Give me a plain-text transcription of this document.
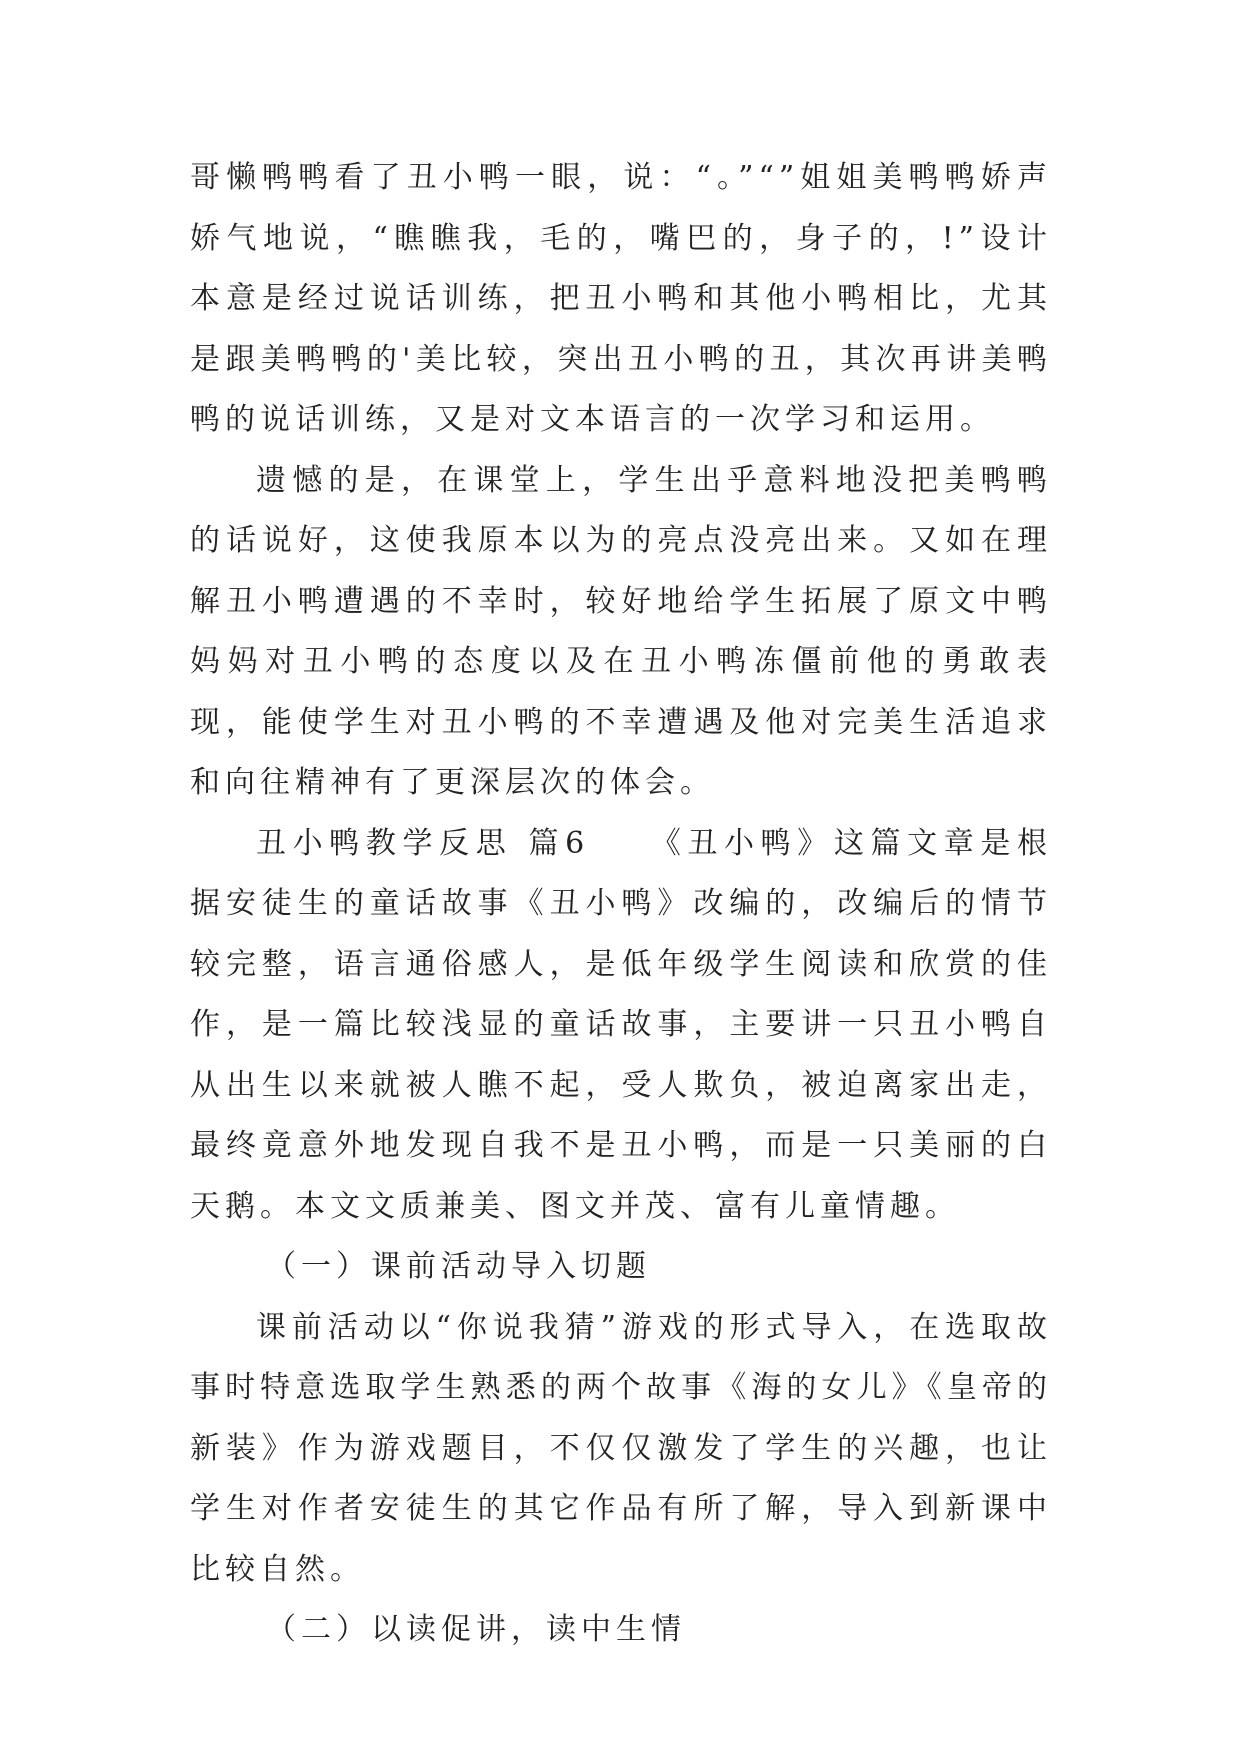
哥懒鸭鸭看了丑小鸭一眼，说：“。”“”姐姐美鸭鸭娇声娇气地说，“瞧瞧我，毛的，嘴巴的，身子的，!”设计本意是经过说话训练，把丑小鸭和其他小鸭相比，尤其是跟美鸭鸭的'美比较，突出丑小鸭的丑，其次再讲美鸭鸭的说话训练，又是对文本语言的一次学习和运用。

遗憾的是，在课堂上，学生出乎意料地没把美鸭鸭的话说好，这使我原本以为的亮点没亮出来。又如在理解丑小鸭遭遇的不幸时，较好地给学生拓展了原文中鸭妈妈对丑小鸭的态度以及在丑小鸭冻僵前他的勇敢表现，能使学生对丑小鸭的不幸遭遇及他对完美生活追求和向往精神有了更深层次的体会。

丑小鸭教学反思 篇6 《丑小鸭》这篇文章是根据安徒生的童话故事《丑小鸭》改编的，改编后的情节较完整，语言通俗感人，是低年级学生阅读和欣赏的佳作，是一篇比较浅显的童话故事，主要讲一只丑小鸭自从出生以来就被人瞧不起，受人欺负，被迫离家出走，最终竟意外地发现自我不是丑小鸭，而是一只美丽的白天鹅。本文文质兼美、图文并茂、富有儿童情趣。

（一）课前活动导入切题

课前活动以“你说我猜”游戏的形式导入，在选取故事时特意选取学生熟悉的两个故事《海的女儿》《皇帝的新装》作为游戏题目，不仅仅激发了学生的兴趣，也让学生对作者安徒生的其它作品有所了解，导入到新课中比较自然。

（二）以读促讲，读中生情
